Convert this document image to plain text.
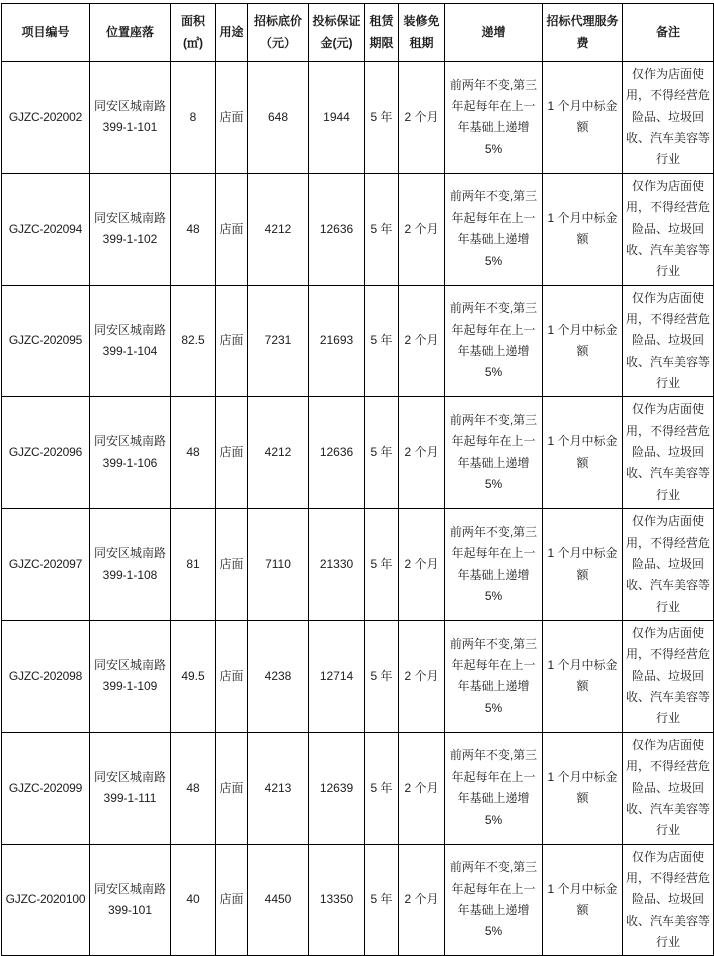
项目编号	位置座落	面积(㎡)	用途	招标底价（元）	投标保证金(元)	租赁期限	装修免租期	递增	招标代理服务费	备注
GJZC-202002	同安区城南路399-1-101	8	店面	648	1944	5 年	2 个月	前两年不变,第三年起每年在上一年基础上递增 5%	1 个月中标金额	仅作为店面使用，不得经营危险品、垃圾回收、汽车美容等行业
GJZC-202094	同安区城南路399-1-102	48	店面	4212	12636	5 年	2 个月	前两年不变,第三年起每年在上一年基础上递增 5%	1 个月中标金额	仅作为店面使用，不得经营危险品、垃圾回收、汽车美容等行业
GJZC-202095	同安区城南路399-1-104	82.5	店面	7231	21693	5 年	2 个月	前两年不变,第三年起每年在上一年基础上递增 5%	1 个月中标金额	仅作为店面使用，不得经营危险品、垃圾回收、汽车美容等行业
GJZC-202096	同安区城南路399-1-106	48	店面	4212	12636	5 年	2 个月	前两年不变,第三年起每年在上一年基础上递增 5%	1 个月中标金额	仅作为店面使用，不得经营危险品、垃圾回收、汽车美容等行业
GJZC-202097	同安区城南路399-1-108	81	店面	7110	21330	5 年	2 个月	前两年不变,第三年起每年在上一年基础上递增 5%	1 个月中标金额	仅作为店面使用，不得经营危险品、垃圾回收、汽车美容等行业
GJZC-202098	同安区城南路399-1-109	49.5	店面	4238	12714	5 年	2 个月	前两年不变,第三年起每年在上一年基础上递增 5%	1 个月中标金额	仅作为店面使用，不得经营危险品、垃圾回收、汽车美容等行业
GJZC-202099	同安区城南路399-1-111	48	店面	4213	12639	5 年	2 个月	前两年不变,第三年起每年在上一年基础上递增 5%	1 个月中标金额	仅作为店面使用，不得经营危险品、垃圾回收、汽车美容等行业
GJZC-2020100	同安区城南路399-101	40	店面	4450	13350	5 年	2 个月	前两年不变,第三年起每年在上一年基础上递增 5%	1 个月中标金额	仅作为店面使用，不得经营危险品、垃圾回收、汽车美容等行业
